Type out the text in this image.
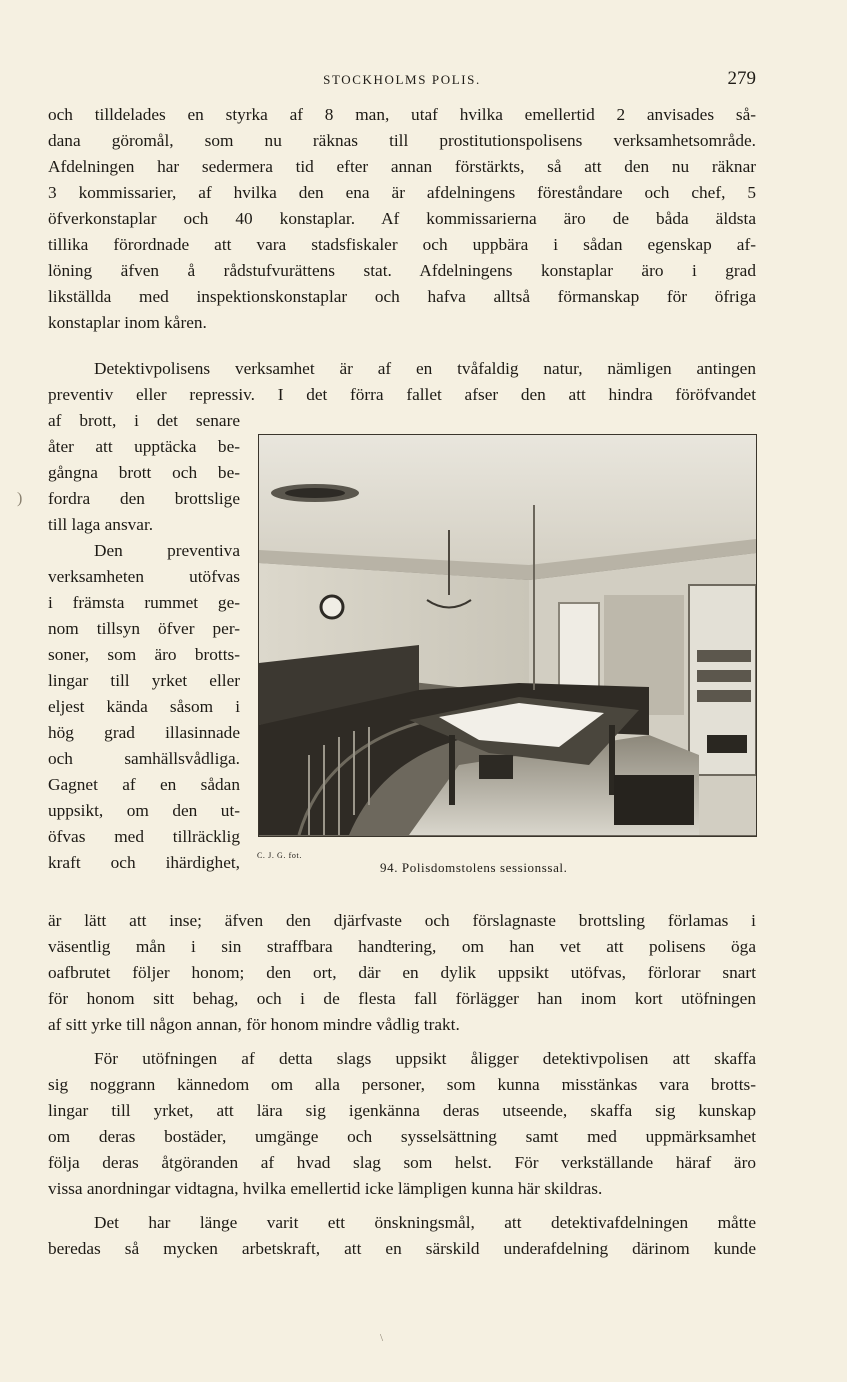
STOCKHOLMS POLIS.	279
och tilldelades en styrka af 8 man, utaf hvilka emellertid 2 anvisades så-
dana göromål, som nu räknas till prostitutionspolisens verksamhetsområde.
Afdelningen har sedermera tid efter annan förstärkts, så att den nu räknar
3 kommissarier, af hvilka den ena är afdelningens föreståndare och chef, 5
öfverkonstaplar och 40 konstaplar. Af kommissarierna äro de båda äldsta
tillika förordnade att vara stadsfiskaler och uppbära i sådan egenskap af-
löning äfven å rådstufvurättens stat. Afdelningens konstaplar äro i grad
likställda med inspektionskonstaplar och hafva alltså förmanskap för öfriga
konstaplar inom kåren.
Detektivpolisens verksamhet är af en tvåfaldig natur, nämligen antingen
preventiv eller repressiv. I det förra fallet afser den att hindra föröfvandet
af brott, i det senare
åter att upptäcka be-
gångna brott och be-
fordra den brottslige
till laga ansvar.
Den preventiva
verksamheten utöfvas
i främsta rummet ge-
nom tillsyn öfver per-
soner, som äro brotts-
lingar till yrket eller
eljest kända såsom i
hög grad illasinnade
och samhällsvådliga.
Gagnet af en sådan
uppsikt, om den ut-
öfvas med tillräcklig
kraft och ihärdighet, C. J. G. fot.
94. Polisdomstolens sessionssal.
är lätt att inse; äfven den djärfvaste och förslagnaste brottsling förlamas i
väsentlig mån i sin straffbara handtering, om han vet att polisens öga
oafbrutet följer honom; den ort, där en dylik uppsikt utöfvas, förlorar snart
för honom sitt behag, och i de flesta fall förlägger han inom kort utöfningen
af sitt yrke till någon annan, för honom mindre vådlig trakt.
För utöfningen af detta slags uppsikt åligger detektivpolisen att skaffa
sig noggrann kännedom om alla personer, som kunna misstänkas vara brotts-
lingar till yrket, att lära sig igenkänna deras utseende, skaffa sig kunskap
om deras bostäder, umgänge och sysselsättning samt med uppmärksamhet
följa deras åtgöranden af hvad slag som helst. För verkställande häraf äro
vissa anordningar vidtagna, hvilka emellertid icke lämpligen kunna här skildras.
Det har länge varit ett önskningsmål, att detektivafdelningen måtte
beredas så mycken arbetskraft, att en särskild underafdelning därinom kunde
)
\
